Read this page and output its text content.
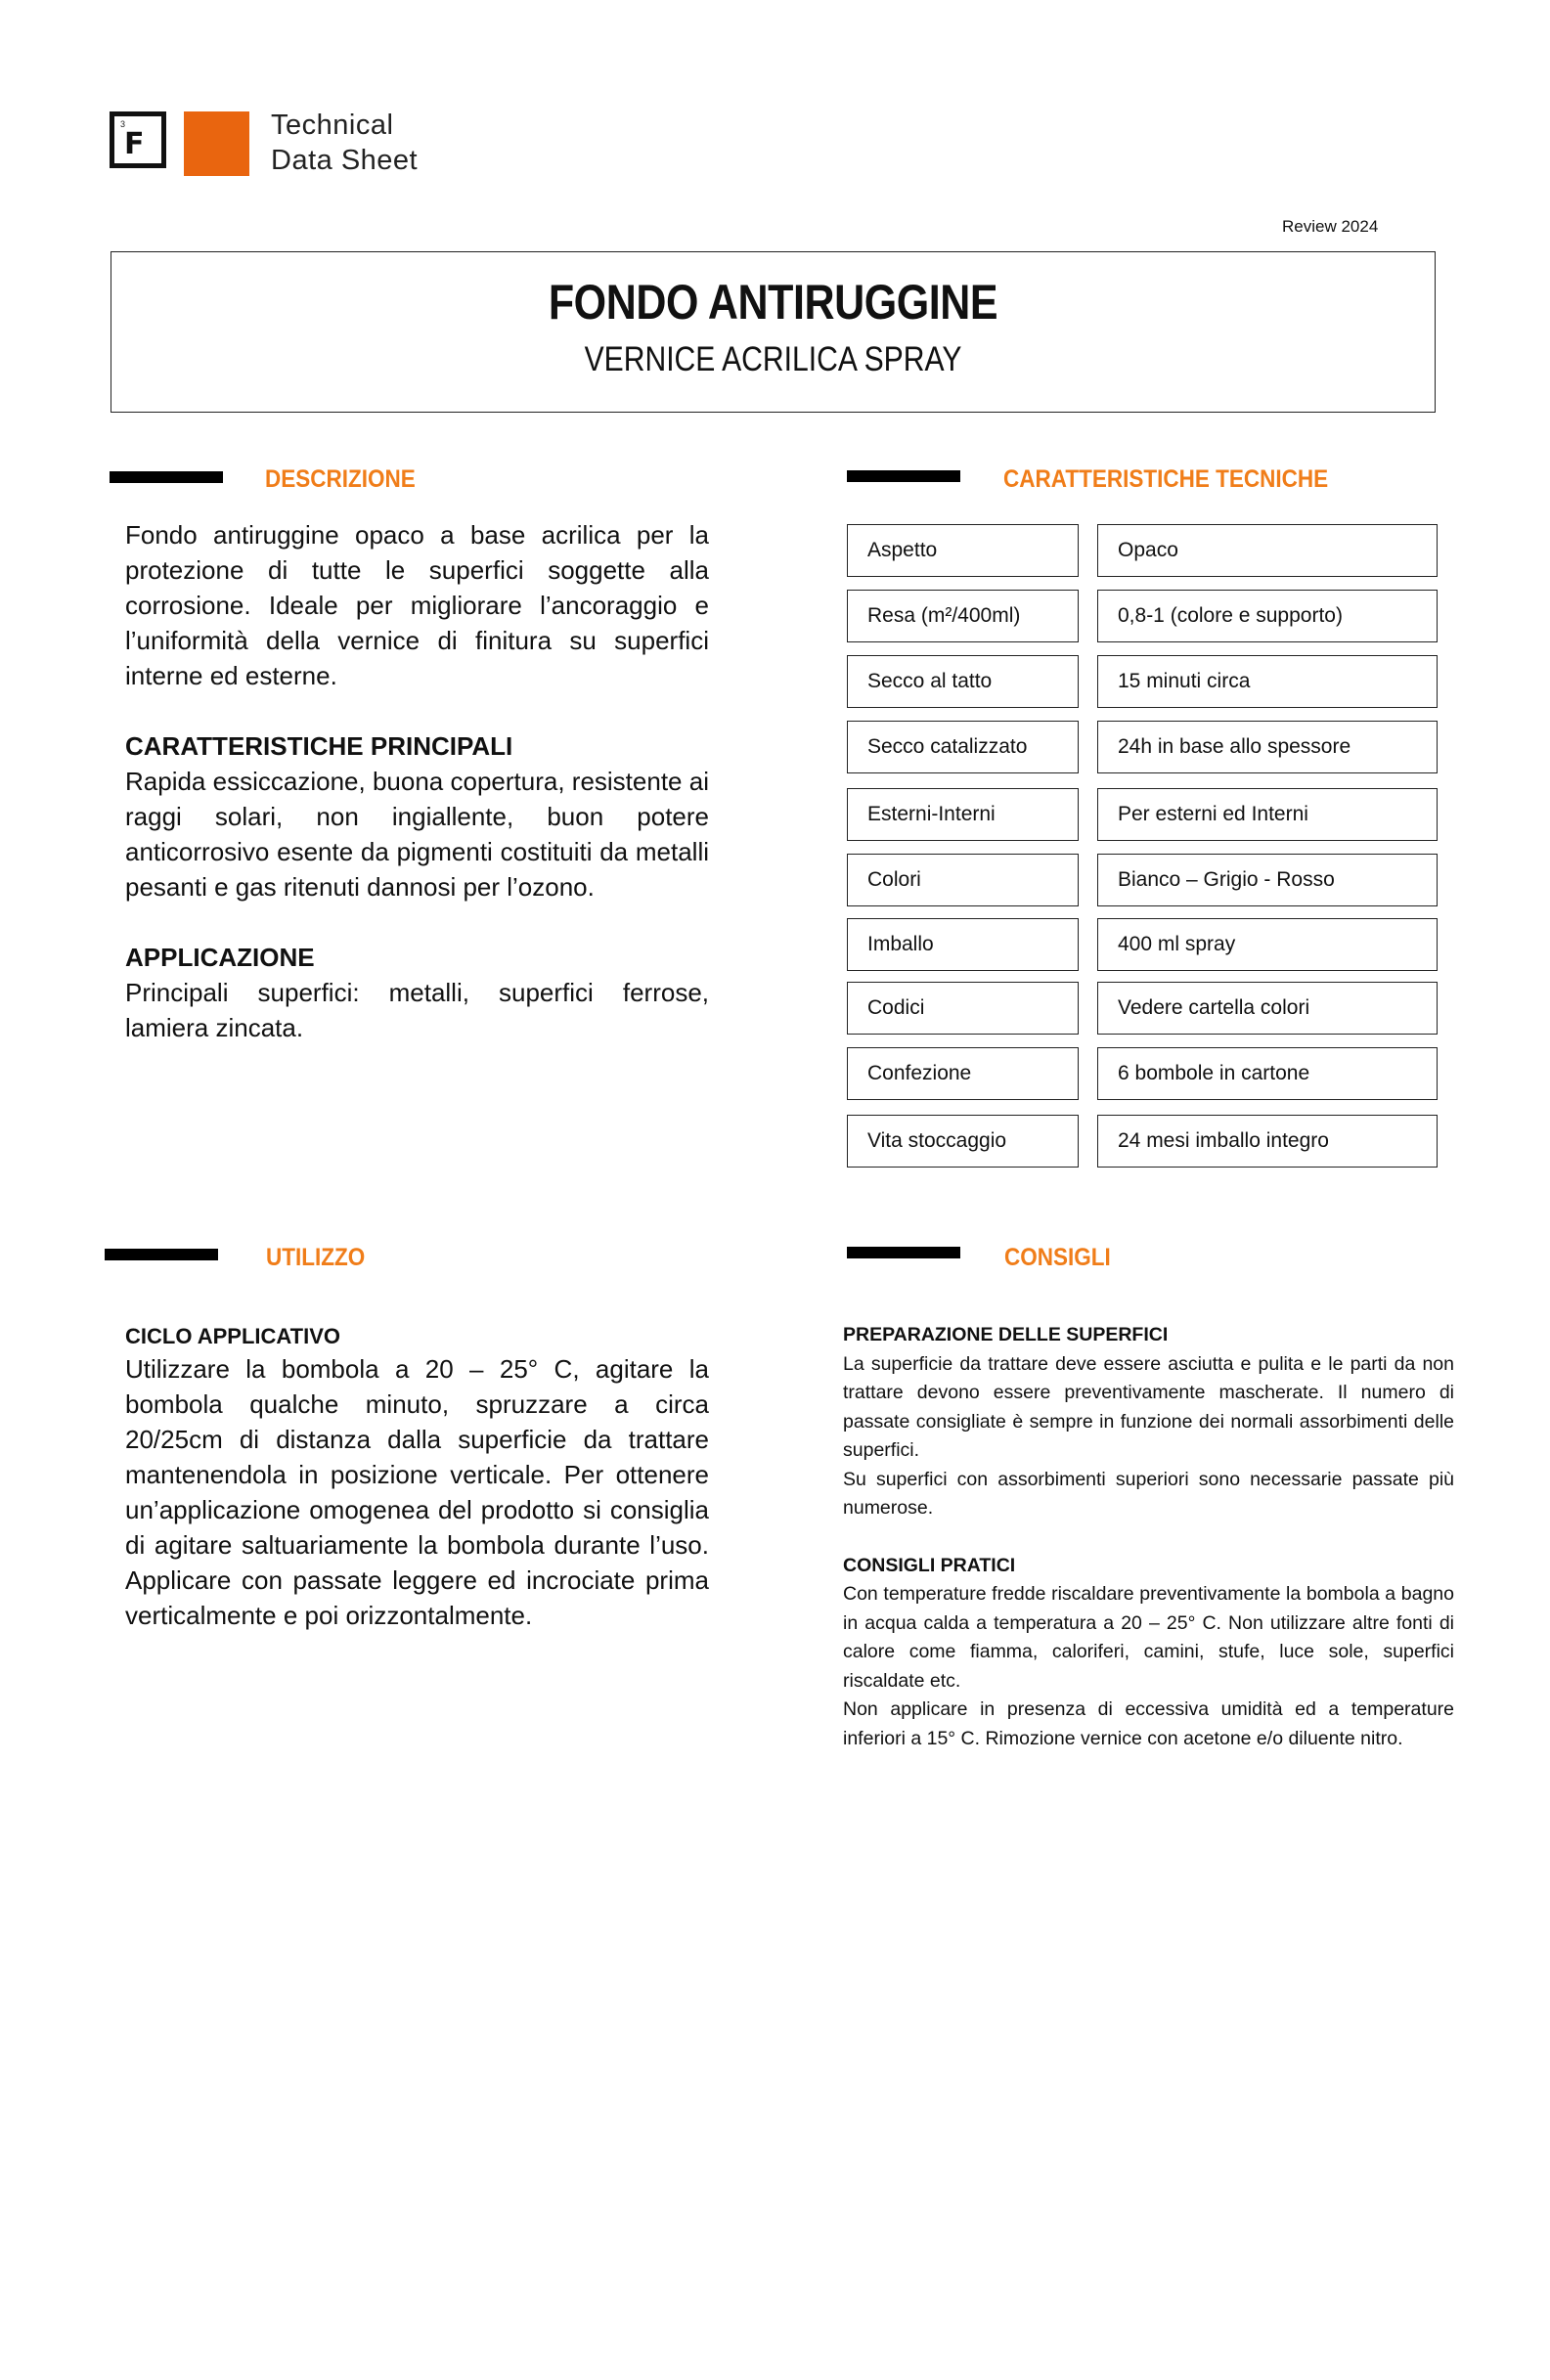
3
F
Technical
Data Sheet
Review 2024
FONDO ANTIRUGGINE
VERNICE ACRILICA SPRAY
DESCRIZIONE

Fondo antiruggine opaco a base acrilica per la protezione di tutte le superfici soggette alla corrosione. Ideale per migliorare l’ancoraggio e l’uniformità della vernice di finitura su superfici interne ed esterne.

CARATTERISTICHE PRINCIPALI

Rapida essiccazione, buona copertura, resistente ai raggi solari, non ingiallente, buon potere anticorrosivo esente da pigmenti costituiti da metalli pesanti e gas ritenuti dannosi per l’ozono.

APPLICAZIONE

Principali superfici: metalli, superfici ferrose, lamiera zincata.

CARATTERISTICHE TECNICHE
Aspetto	Opaco
Resa (m²/400ml)	0,8-1 (colore e supporto)
Secco al tatto	15 minuti circa
Secco catalizzato	24h in base allo spessore
Esterni-Interni	Per esterni ed Interni
Colori	Bianco – Grigio - Rosso
Imballo	400 ml spray
Codici	Vedere cartella colori
Confezione	6 bombole in cartone
Vita stoccaggio	24 mesi imballo integro
UTILIZZO
CICLO APPLICATIVO

Utilizzare la bombola a 20 – 25° C, agitare la bombola qualche minuto, spruzzare a circa 20/25cm di distanza dalla superficie da trattare mantenendola in posizione verticale. Per ottenere un’applicazione omogenea del prodotto si consiglia di agitare saltuariamente la bombola durante l’uso. Applicare con passate leggere ed incrociate prima verticalmente e poi orizzontalmente.

CONSIGLI
PREPARAZIONE DELLE SUPERFICI

La superficie da trattare deve essere asciutta e pulita e le parti da non trattare devono essere preventivamente mascherate. Il numero di passate consigliate è sempre in funzione dei normali assorbimenti delle superfici.

Su superfici con assorbimenti superiori sono necessarie passate più numerose.

CONSIGLI PRATICI

Con temperature fredde riscaldare preventivamente la bombola a bagno in acqua calda a temperatura a 20 – 25° C. Non utilizzare altre fonti di calore come fiamma, caloriferi, camini, stufe, luce sole, superfici riscaldate etc.

Non applicare in presenza di eccessiva umidità ed a temperature inferiori a 15° C. Rimozione vernice con acetone e/o diluente nitro.
